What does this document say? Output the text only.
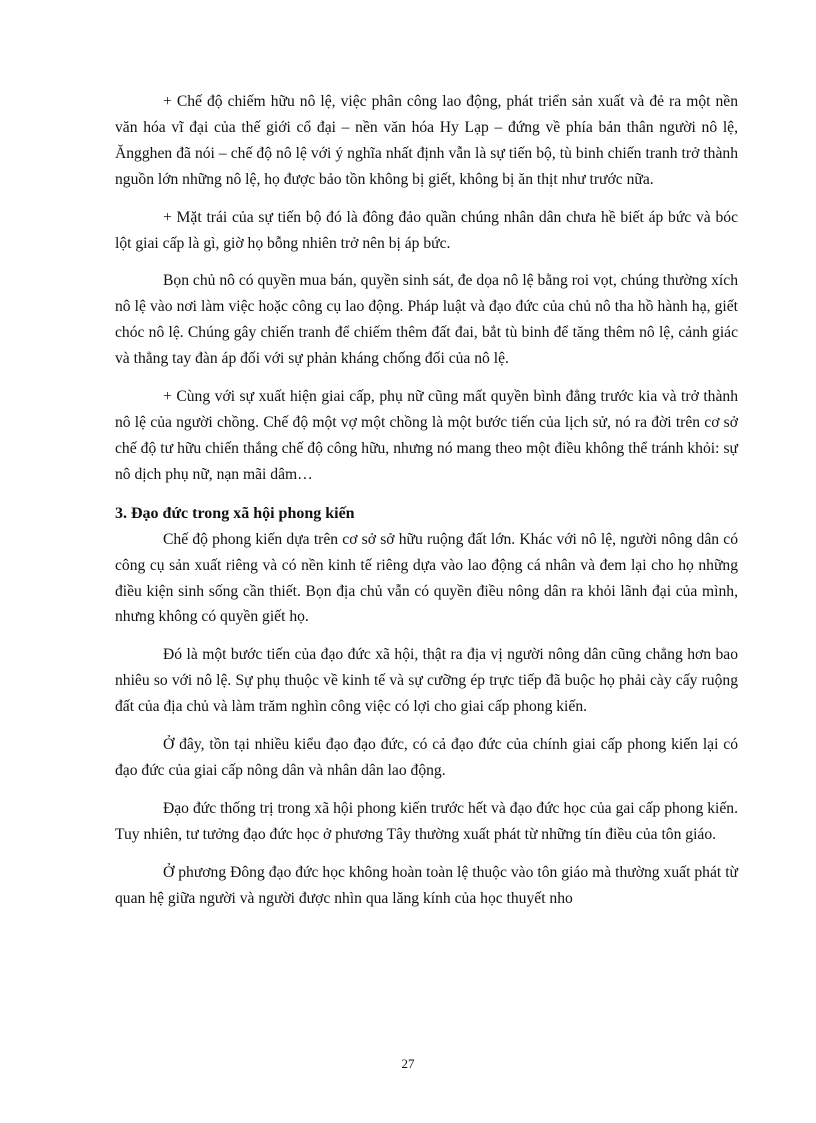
+ Chế độ chiếm hữu nô lệ, việc phân công lao động, phát triển sản xuất và đẻ ra một nền văn hóa vĩ đại của thế giới cổ đại – nền văn hóa Hy Lạp – đứng về phía bản thân người nô lệ, Ăngghen đã nói – chế độ nô lệ với ý nghĩa nhất định vẫn là sự tiến bộ, tù binh chiến tranh trở thành nguồn lớn những nô lệ, họ được bảo tồn không bị giết, không bị ăn thịt như trước nữa.

+ Mặt trái của sự tiến bộ đó là đông đảo quần chúng nhân dân chưa hề biết áp bức và bóc lột giai cấp là gì, giờ họ bỗng nhiên trở nên bị áp bức.

Bọn chủ nô có quyền mua bán, quyền sinh sát, đe dọa nô lệ bằng roi vọt, chúng thường xích nô lệ vào nơi làm việc hoặc công cụ lao động. Pháp luật và đạo đức của chủ nô tha hồ hành hạ, giết chóc nô lệ. Chúng gây chiến tranh để chiếm thêm đất đai, bắt tù binh để tăng thêm nô lệ, cảnh giác và thẳng tay đàn áp đối với sự phản kháng chống đối của nô lệ.

+ Cùng với sự xuất hiện giai cấp, phụ nữ cũng mất quyền bình đẳng trước kia và trở thành nô lệ của người chồng. Chế độ một vợ một chồng là một bước tiến của lịch sử, nó ra đời trên cơ sở chế độ tư hữu chiến thắng chế độ công hữu, nhưng nó mang theo một điều không thể tránh khỏi: sự nô dịch phụ nữ, nạn mãi dâm…

3. Đạo đức trong xã hội phong kiến

Chế độ phong kiến dựa trên cơ sở sở hữu ruộng đất lớn. Khác với nô lệ, người nông dân có công cụ sản xuất riêng và có nền kinh tế riêng dựa vào lao động cá nhân và đem lại cho họ những điều kiện sinh sống cần thiết. Bọn địa chủ vẫn có quyền điều nông dân ra khỏi lãnh đại của mình, nhưng không có quyền giết họ.

Đó là một bước tiến của đạo đức xã hội, thật ra địa vị người nông dân cũng chẳng hơn bao nhiêu so với nô lệ. Sự phụ thuộc về kinh tế và sự cưỡng ép trực tiếp đã buộc họ phải cày cấy ruộng đất của địa chủ và làm trăm nghìn công việc có lợi cho giai cấp phong kiến.

Ở đây, tồn tại nhiều kiểu đạo đạo đức, có cả đạo đức của chính giai cấp phong kiến lại có đạo đức của giai cấp nông dân và nhân dân lao động.

Đạo đức thống trị trong xã hội phong kiến trước hết và đạo đức học của gai cấp phong kiến. Tuy nhiên, tư tưởng đạo đức học ở phương Tây thường xuất phát từ những tín điều của tôn giáo.

Ở phương Đông đạo đức học không hoàn toàn lệ thuộc vào tôn giáo mà thường xuất phát từ quan hệ giữa người và người được nhìn qua lăng kính của học thuyết nho

27
